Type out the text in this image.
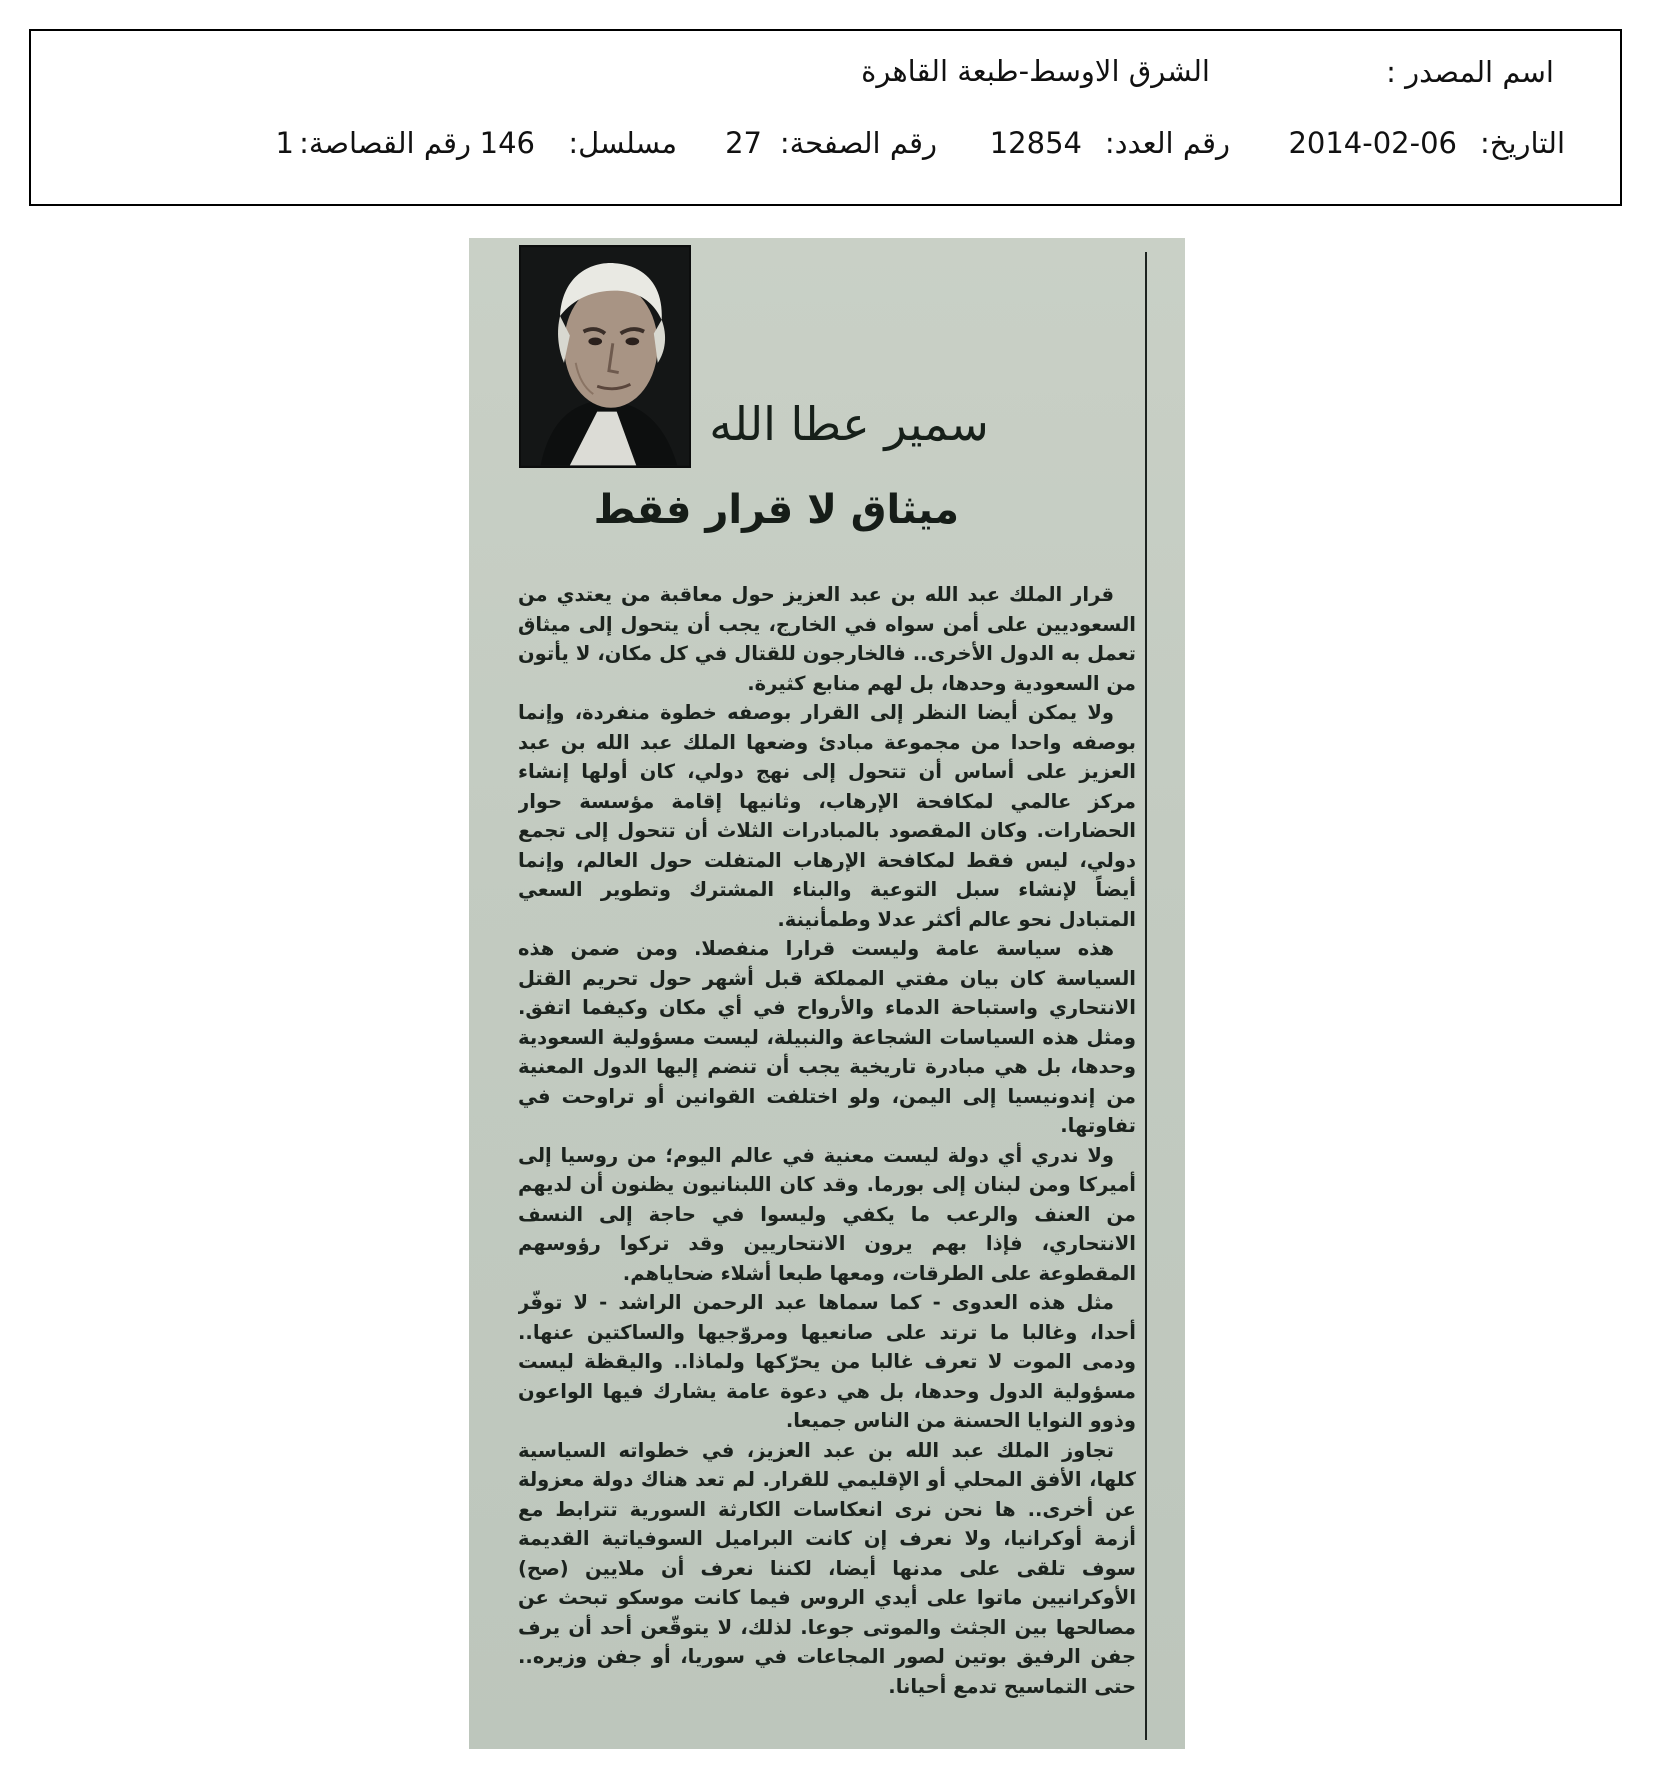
اسم المصدر :
الشرق الاوسط-طبعة القاهرة
التاريخ:
2014-02-06
رقم العدد:
12854
رقم الصفحة:
27
مسلسل:
146
رقم القصاصة:
1
سمير عطا الله
ميثاق لا قرار فقط

قرار الملك عبد الله بن عبد العزيز حول معاقبة من يعتدي من السعوديين على أمن سواه في الخارج، يجب أن يتحول إلى ميثاق تعمل به الدول الأخرى.. فالخارجون للقتال في كل مكان، لا يأتون من السعودية وحدها، بل لهم منابع كثيرة.

ولا يمكن أيضا النظر إلى القرار بوصفه خطوة منفردة، وإنما بوصفه واحدا من مجموعة مبادئ وضعها الملك عبد الله بن عبد العزيز على أساس أن تتحول إلى نهج دولي، كان أولها إنشاء مركز عالمي لمكافحة الإرهاب، وثانيها إقامة مؤسسة حوار الحضارات. وكان المقصود بالمبادرات الثلاث أن تتحول إلى تجمع دولي، ليس فقط لمكافحة الإرهاب المتفلت حول العالم، وإنما أيضاً لإنشاء سبل التوعية والبناء المشترك وتطوير السعي المتبادل نحو عالم أكثر عدلا وطمأنينة.

هذه سياسة عامة وليست قرارا منفصلا. ومن ضمن هذه السياسة كان بيان مفتي المملكة قبل أشهر حول تحريم القتل الانتحاري واستباحة الدماء والأرواح في أي مكان وكيفما اتفق. ومثل هذه السياسات الشجاعة والنبيلة، ليست مسؤولية السعودية وحدها، بل هي مبادرة تاريخية يجب أن تنضم إليها الدول المعنية من إندونيسيا إلى اليمن، ولو اختلفت القوانين أو تراوحت في تفاوتها.

ولا ندري أي دولة ليست معنية في عالم اليوم؛ من روسيا إلى أميركا ومن لبنان إلى بورما. وقد كان اللبنانيون يظنون أن لديهم من العنف والرعب ما يكفي وليسوا في حاجة إلى النسف الانتحاري، فإذا بهم يرون الانتحاريين وقد تركوا رؤوسهم المقطوعة على الطرقات، ومعها طبعا أشلاء ضحاياهم.

مثل هذه العدوى - كما سماها عبد الرحمن الراشد - لا توفّر أحدا، وغالبا ما ترتد على صانعيها ومروّجيها والساكتين عنها.. ودمى الموت لا تعرف غالبا من يحرّكها ولماذا.. واليقظة ليست مسؤولية الدول وحدها، بل هي دعوة عامة يشارك فيها الواعون وذوو النوايا الحسنة من الناس جميعا.

تجاوز الملك عبد الله بن عبد العزيز، في خطواته السياسية كلها، الأفق المحلي أو الإقليمي للقرار. لم تعد هناك دولة معزولة عن أخرى.. ها نحن نرى انعكاسات الكارثة السورية تترابط مع أزمة أوكرانيا، ولا نعرف إن كانت البراميل السوفياتية القديمة سوف تلقى على مدنها أيضا، لكننا نعرف أن ملايين (صح) الأوكرانيين ماتوا على أيدي الروس فيما كانت موسكو تبحث عن مصالحها بين الجثث والموتى جوعا. لذلك، لا يتوقّعن أحد أن يرف جفن الرفيق بوتين لصور المجاعات في سوريا، أو جفن وزيره.. حتى التماسيح تدمع أحيانا.
